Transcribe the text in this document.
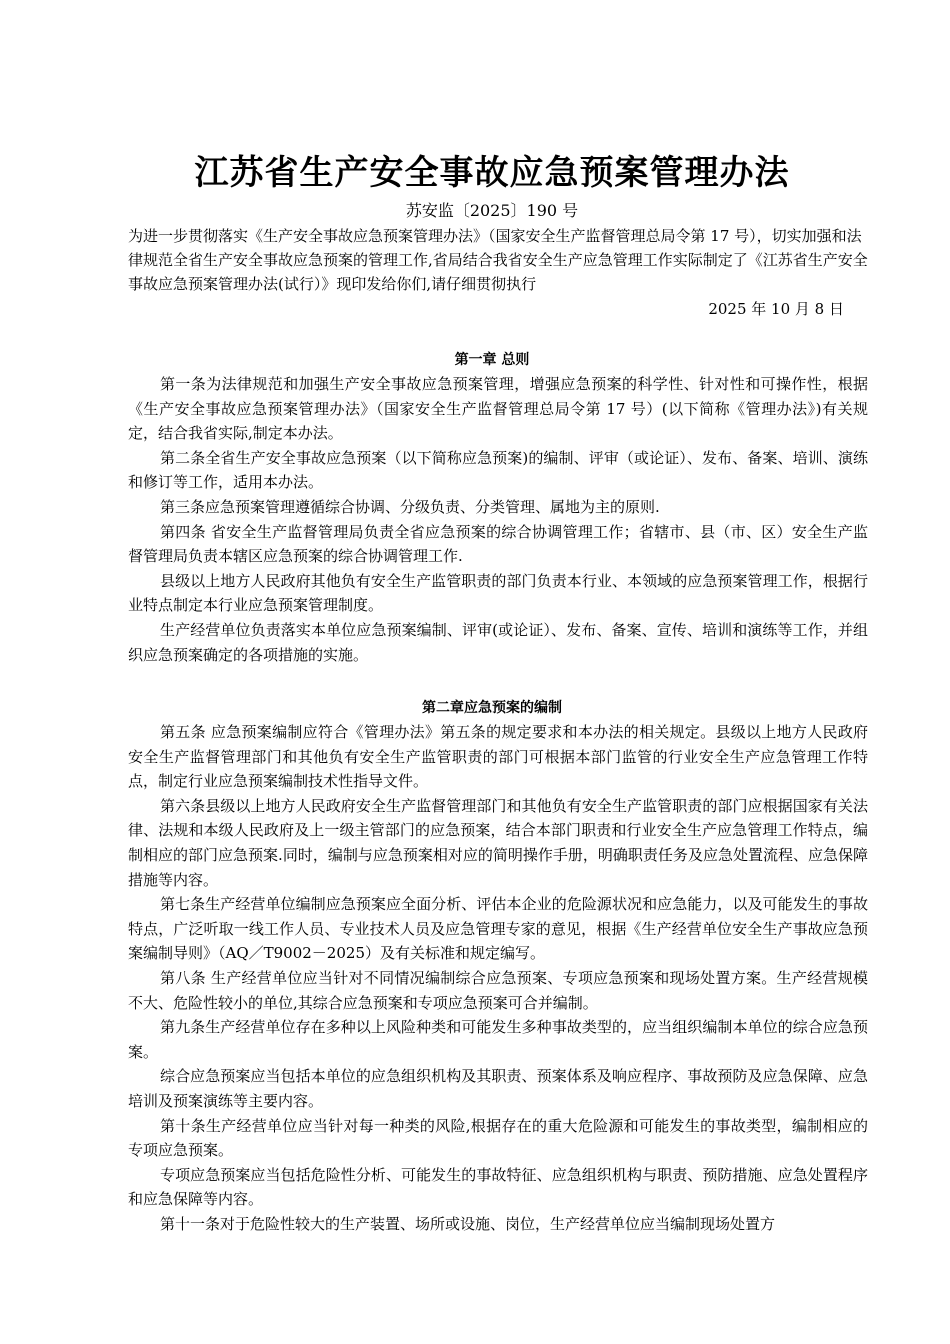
江苏省生产安全事故应急预案管理办法
苏安监〔2025〕190 号

为进一步贯彻落实《生产安全事故应急预案管理办法》（国家安全生产监督管理总局令第 17 号），切实加强和法律规范全省生产安全事故应急预案的管理工作,省局结合我省安全生产应急管理工作实际制定了《江苏省生产安全事故应急预案管理办法(试行）》现印发给你们,请仔细贯彻执行

2025 年 10 月 8 日
第一章 总则

第一条为法律规范和加强生产安全事故应急预案管理，增强应急预案的科学性、针对性和可操作性，根据《生产安全事故应急预案管理办法》（国家安全生产监督管理总局令第 17 号）(以下简称《管理办法》)有关规定，结合我省实际,制定本办法。

第二条全省生产安全事故应急预案（以下简称应急预案)的编制、评审（或论证）、发布、备案、培训、演练和修订等工作，适用本办法。

第三条应急预案管理遵循综合协调、分级负责、分类管理、属地为主的原则.

第四条 省安全生产监督管理局负责全省应急预案的综合协调管理工作；省辖市、县（市、区）安全生产监督管理局负责本辖区应急预案的综合协调管理工作.

县级以上地方人民政府其他负有安全生产监管职责的部门负责本行业、本领域的应急预案管理工作，根据行业特点制定本行业应急预案管理制度。

生产经营单位负责落实本单位应急预案编制、评审(或论证）、发布、备案、宣传、培训和演练等工作，并组织应急预案确定的各项措施的实施。

第二章应急预案的编制

第五条 应急预案编制应符合《管理办法》第五条的规定要求和本办法的相关规定。县级以上地方人民政府安全生产监督管理部门和其他负有安全生产监管职责的部门可根据本部门监管的行业安全生产应急管理工作特点，制定行业应急预案编制技术性指导文件。

第六条县级以上地方人民政府安全生产监督管理部门和其他负有安全生产监管职责的部门应根据国家有关法律、法规和本级人民政府及上一级主管部门的应急预案，结合本部门职责和行业安全生产应急管理工作特点，编制相应的部门应急预案.同时，编制与应急预案相对应的简明操作手册，明确职责任务及应急处置流程、应急保障措施等内容。

第七条生产经营单位编制应急预案应全面分析、评估本企业的危险源状况和应急能力，以及可能发生的事故特点，广泛听取一线工作人员、专业技术人员及应急管理专家的意见，根据《生产经营单位安全生产事故应急预案编制导则》（AQ／T9002－2025）及有关标准和规定编写。

第八条 生产经营单位应当针对不同情况编制综合应急预案、专项应急预案和现场处置方案。生产经营规模不大、危险性较小的单位,其综合应急预案和专项应急预案可合并编制。

第九条生产经营单位存在多种以上风险种类和可能发生多种事故类型的，应当组织编制本单位的综合应急预案。

综合应急预案应当包括本单位的应急组织机构及其职责、预案体系及响应程序、事故预防及应急保障、应急培训及预案演练等主要内容。

第十条生产经营单位应当针对每一种类的风险,根据存在的重大危险源和可能发生的事故类型，编制相应的专项应急预案。

专项应急预案应当包括危险性分析、可能发生的事故特征、应急组织机构与职责、预防措施、应急处置程序和应急保障等内容。

第十一条对于危险性较大的生产装置、场所或设施、岗位，生产经营单位应当编制现场处置方
